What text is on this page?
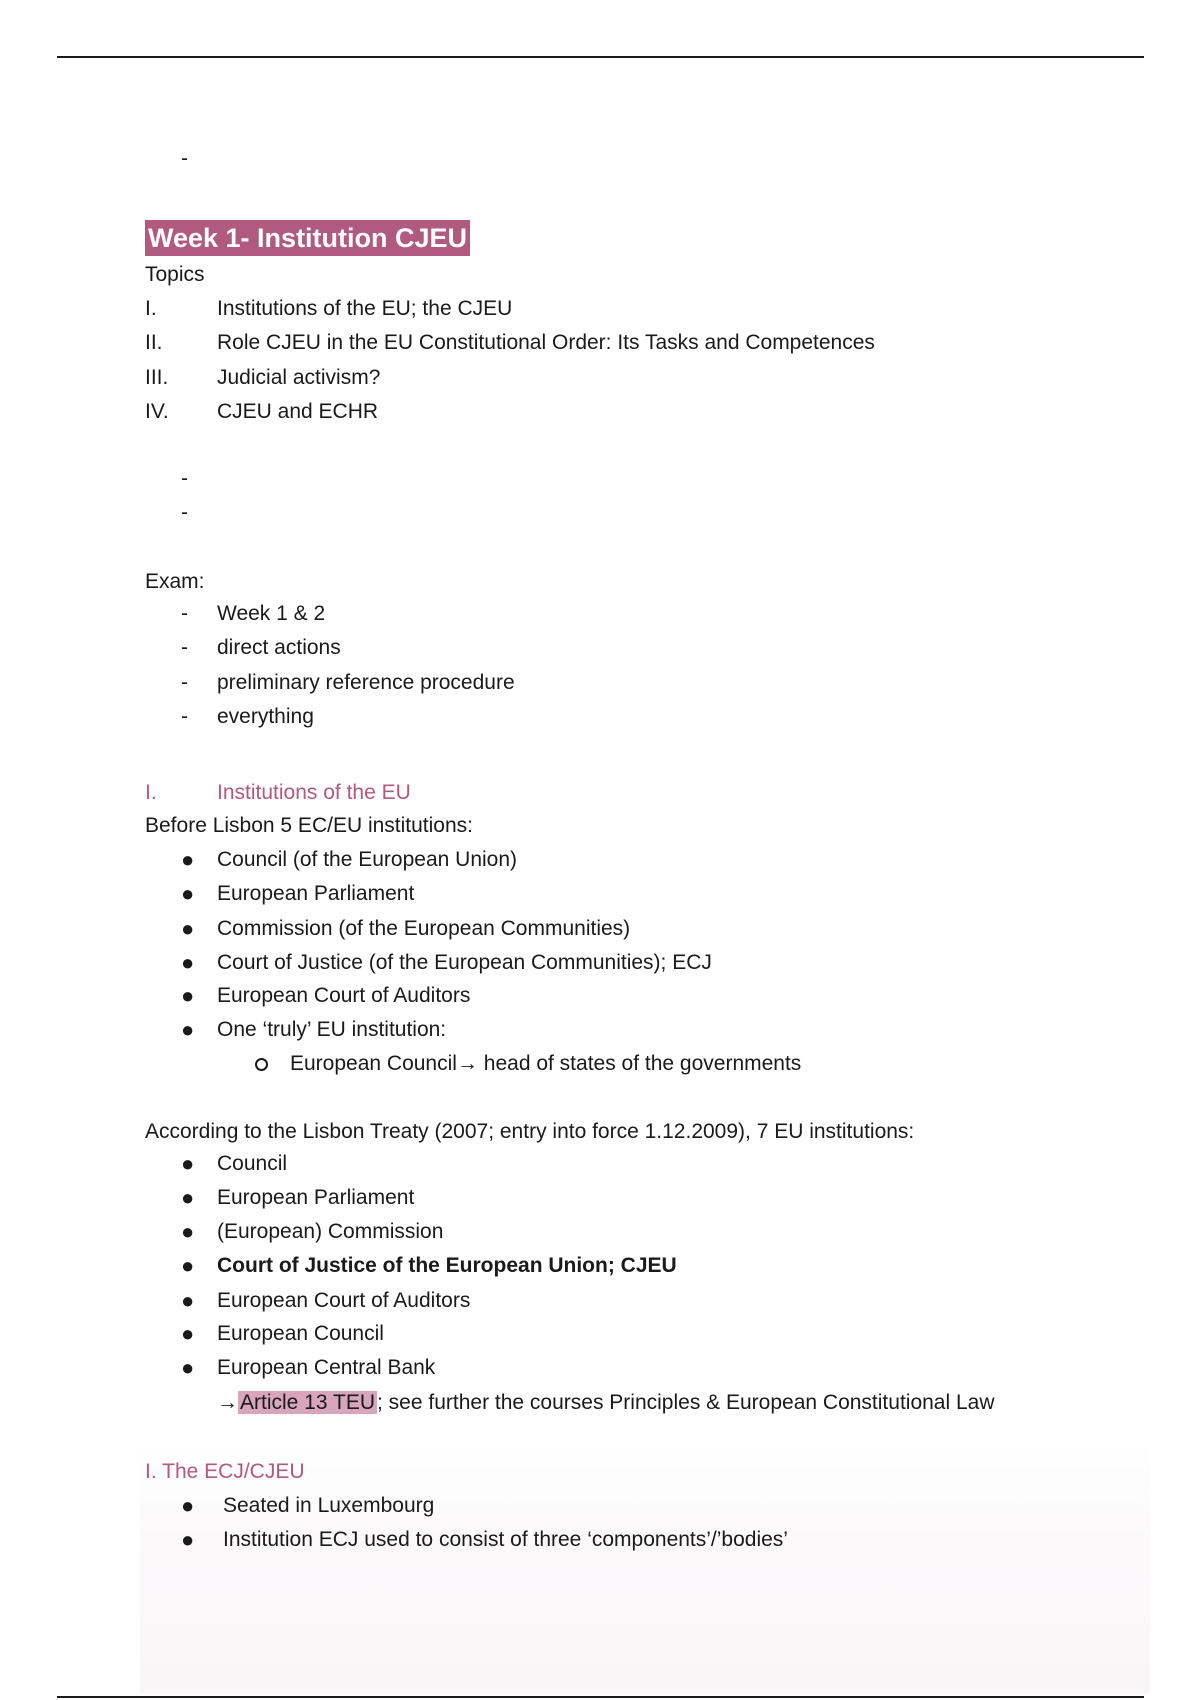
-
Week 1- Institution CJEU
Topics
I.	Institutions of the EU; the CJEU
II.	Role CJEU in the EU Constitutional Order: Its Tasks and Competences
III. Judicial activism?
IV. CJEU and ECHR
-
-
Exam:
- Week 1 & 2
- direct actions
- preliminary reference procedure
- everything
I.	Institutions of the EU
Before Lisbon 5 EC/EU institutions:
● Council (of the European Union)
● European Parliament
● Commission (of the European Communities)
● Court of Justice (of the European Communities); ECJ
● European Court of Auditors
● One ‘truly’ EU institution:
European Council→ head of states of the governments
According to the Lisbon Treaty (2007; entry into force 1.12.2009), 7 EU institutions:
● Council
● European Parliament
● (European) Commission
● Court of Justice of the European Union; CJEU
● European Court of Auditors
● European Council
● European Central Bank
→Article 13 TEU; see further the courses Principles & European Constitutional Law
I. The ECJ/CJEU
● Seated in Luxembourg
● Institution ECJ used to consist of three ‘components’/’bodies’
